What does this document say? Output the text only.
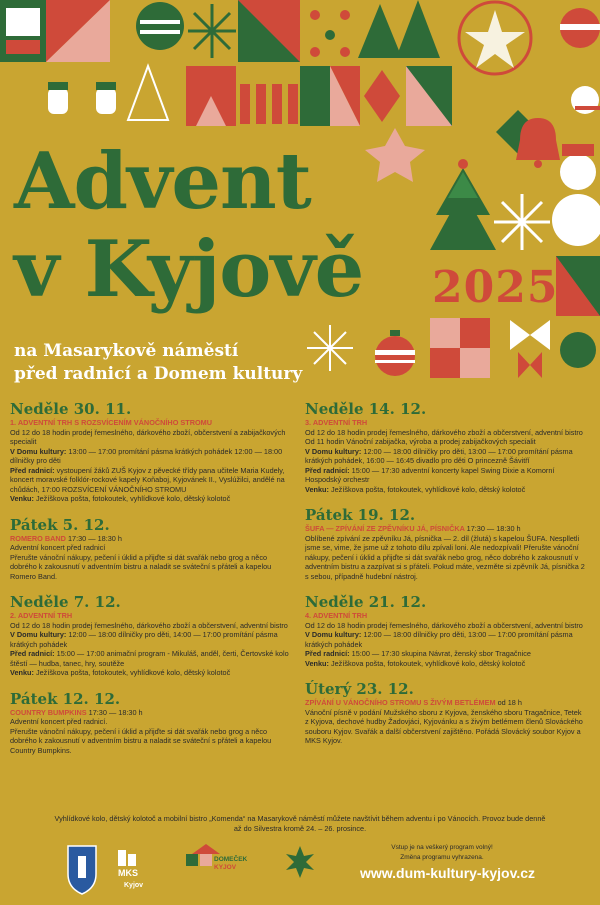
Advent
v Kyjově 2025
na Masarykově náměstí
před radnicí a Domem kultury
Neděle 30. 11.
1. ADVENTNÍ TRH S ROZSVÍCENÍM VÁNOČNÍHO STROMU
Od 12 do 18 hodin prodej řemeslného, dárkového zboží, občerstvení a zabijačkových specialit
V Domu kultury: 13:00 — 17:00 promítání pásma krátkých pohádek 12:00 — 18:00 dílničky pro děti
Před radnicí: vystoupení žáků ZUŠ Kyjov z pěvecké třídy pana učitele Maria Kudely, koncert moravské folklór-rockové kapely Koňaboj, Kyjovánek II., Vyslúžilci, andělé na chůdách, 17:00 ROZSVÍCENÍ VÁNOČNÍHO STROMU
Venku: Ježíškova pošta, fotokoutek, vyhlídkové kolo, dětský kolotoč
Pátek 5. 12.
ROMERO BAND 17:30 — 18:30 h
Adventní koncert před radnicí
Přerušte vánoční nákupy, pečení i úklid a přijďte si dát svařák nebo grog a něco dobrého k zakousnutí v adventním bistru a naladit se sváteční s přáteli a kapelou Romero Band.
Neděle 7. 12.
2. ADVENTNÍ TRH
Od 12 do 18 hodin prodej řemeslného, dárkového zboží a občerstvení, adventní bistro
V Domu kultury: 12:00 — 18:00 dílničky pro děti, 14:00 — 17:00 promítání pásma krátkých pohádek
Před radnicí: 15:00 — 17:00 animační program - Mikuláš, anděl, čerti, Čertovské kolo štěstí — hudba, tanec, hry, soutěže
Venku: Ježíškova pošta, fotokoutek, vyhlídkové kolo, dětský kolotoč
Pátek 12. 12.
COUNTRY BUMPKINS 17:30 — 18:30 h
Adventní koncert před radnicí.
Přerušte vánoční nákupy, pečení i úklid a přijďte si dát svařák nebo grog a něco dobrého k zakousnutí v adventním bistru a naladit se sváteční s přáteli a kapelou Country Bumpkins.
Neděle 14. 12.
3. ADVENTNÍ TRH
Od 12 do 18 hodin prodej řemeslného, dárkového zboží a občerstvení, adventní bistro
Od 11 hodin Vánoční zabijačka, výroba a prodej zabijačkových specialit
V Domu kultury: 12:00 — 18:00 dílničky pro děti, 13:00 — 17:00 promítání pásma krátkých pohádek, 16:00 — 16:45 divadlo pro děti O princezně Šávitří
Před radnicí: 15:00 — 17:30 adventní koncerty kapel Swing Dixie a Komorní Hospodský orchestr
Venku: Ježíškova pošta, fotokoutek, vyhlídkové kolo, dětský kolotoč
Pátek 19. 12.
ŠUFA — ZPÍVÁNÍ ZE ZPĚVNÍKU JÁ, PÍSNIČKA 17:30 — 18:30 h
Oblíbené zpívání ze zpěvníku Já, písnička — 2. díl (žlutá) s kapelou ŠUFA. Nesplletli jsme se, vime, že jsme už z tohoto dílu zpívali loni. Ale nedozpívali! Přerušte vánoční nákupy, pečení i úklid a přijďte si dát svařák nebo grog, něco dobrého k zakousnutí v adventním bistru a zazpívat si s přáteli. Pokud máte, vezměte si zpěvník Já, písnička 2 s sebou, případně hudební nástroj.
Neděle 21. 12.
4. ADVENTNÍ TRH
Od 12 do 18 hodin prodej řemeslného, dárkového zboží a občerstvení, adventní bistro
V Domu kultury: 12:00 — 18:00 dílničky pro děti, 13:00 — 17:00 promítání pásma krátkých pohádek
Před radnicí: 15:00 — 17:30 skupina Návrat, ženský sbor Tragačnice
Venku: Ježíškova pošta, fotokoutek, vyhlídkové kolo, dětský kolotoč
Úterý 23. 12.
ZPÍVÁNÍ U VÁNOČNÍHO STROMU S ŽIVÝM BETLÉMEM od 18 h
Vánoční písně v podání Mužského sboru z Kyjova, ženského sboru Tragačnice, Tetek z Kyjova, dechové hudby Žadovjáci, Kyjovánku a s živým betlémem členů Slováckého souboru Kyjov. Svařák a další občerstvení zajištěno. Pořádá Slovácký soubor Kyjov a MKS Kyjov.
Vyhlídkové kolo, dětský kolotoč a mobilní bistro „Komenda“ na Masarykově náměstí můžete navštívit během adventu i po Vánocích. Provoz bude denně
až do Silvestra kromě 24. – 26. prosince.
MKS
Kyjov
DOMEČEK
KYJOV
Vstup je na veškerý program volný!
Změna programu vyhrazena.
www.dum-kultury-kyjov.cz
